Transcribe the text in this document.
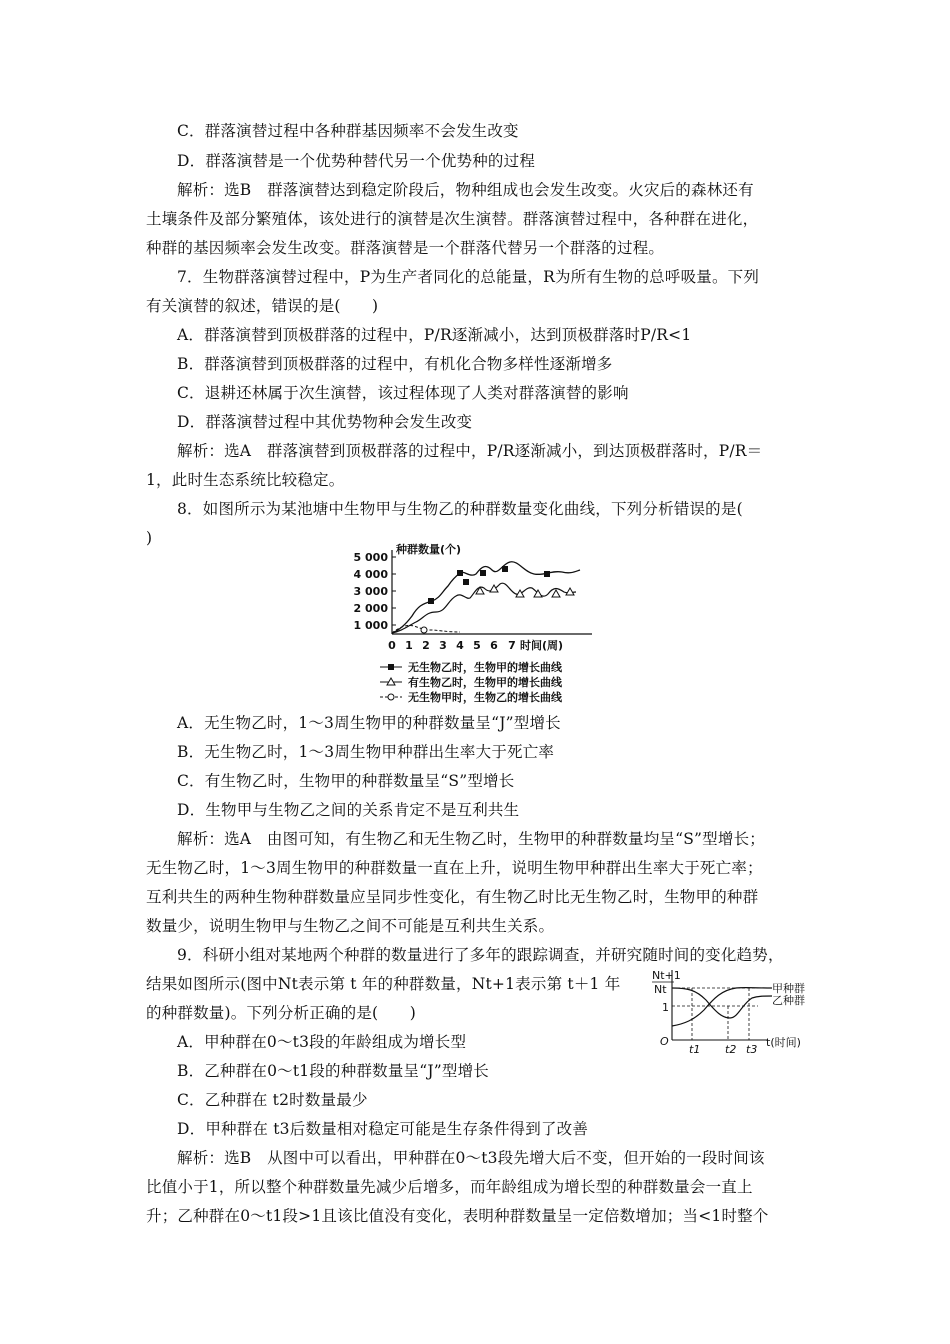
C．群落演替过程中各种群基因频率不会发生改变
D．群落演替是一个优势种替代另一个优势种的过程
解析：选B　群落演替达到稳定阶段后，物种组成也会发生改变。火灾后的森林还有
土壤条件及部分繁殖体，该处进行的演替是次生演替。群落演替过程中，各种群在进化，
种群的基因频率会发生改变。群落演替是一个群落代替另一个群落的过程。
7．生物群落演替过程中，P为生产者同化的总能量，R为所有生物的总呼吸量。下列
有关演替的叙述，错误的是(　　)
A．群落演替到顶极群落的过程中，P/R逐渐减小，达到顶极群落时P/R<1
B．群落演替到顶极群落的过程中，有机化合物多样性逐渐增多
C．退耕还林属于次生演替，该过程体现了人类对群落演替的影响
D．群落演替过程中其优势物种会发生改变
解析：选A　群落演替到顶极群落的过程中，P/R逐渐减小，到达顶极群落时，P/R＝
1，此时生态系统比较稳定。
8．如图所示为某池塘中生物甲与生物乙的种群数量变化曲线，下列分析错误的是(
)
种群数量(个)
5 000
4 000
3 000
2 000
1 000
0 1 2 3 4 5 6 7 时间(周)
无生物乙时，生物甲的增长曲线
有生物乙时，生物甲的增长曲线
无生物甲时，生物乙的增长曲线
A．无生物乙时，1～3周生物甲的种群数量呈“J”型增长
B．无生物乙时，1～3周生物甲种群出生率大于死亡率
C．有生物乙时，生物甲的种群数量呈“S”型增长
D．生物甲与生物乙之间的关系肯定不是互利共生
解析：选A　由图可知，有生物乙和无生物乙时，生物甲的种群数量均呈“S”型增长；
无生物乙时，1～3周生物甲的种群数量一直在上升，说明生物甲种群出生率大于死亡率；
互利共生的两种生物种群数量应呈同步性变化，有生物乙时比无生物乙时，生物甲的种群
数量少，说明生物甲与生物乙之间不可能是互利共生关系。
9．科研小组对某地两个种群的数量进行了多年的跟踪调查，并研究随时间的变化趋势，
结果如图所示(图中Nt表示第 t 年的种群数量，Nt+1表示第 t＋1 年
的种群数量)。下列分析正确的是(　　)
A．甲种群在0～t3段的年龄组成为增长型
B．乙种群在0～t1段的种群数量呈“J”型增长
C．乙种群在 t2时数量最少
D．甲种群在 t3后数量相对稳定可能是生存条件得到了改善
解析：选B　从图中可以看出，甲种群在0～t3段先增大后不变，但开始的一段时间该
比值小于1，所以整个种群数量先减少后增多，而年龄组成为增长型的种群数量会一直上
升；乙种群在0～t1段>1且该比值没有变化，表明种群数量呈一定倍数增加；当<1时整个
Nt+1
Nt
1
O
甲种群
乙种群
t1 t2 t3
t(时间)
